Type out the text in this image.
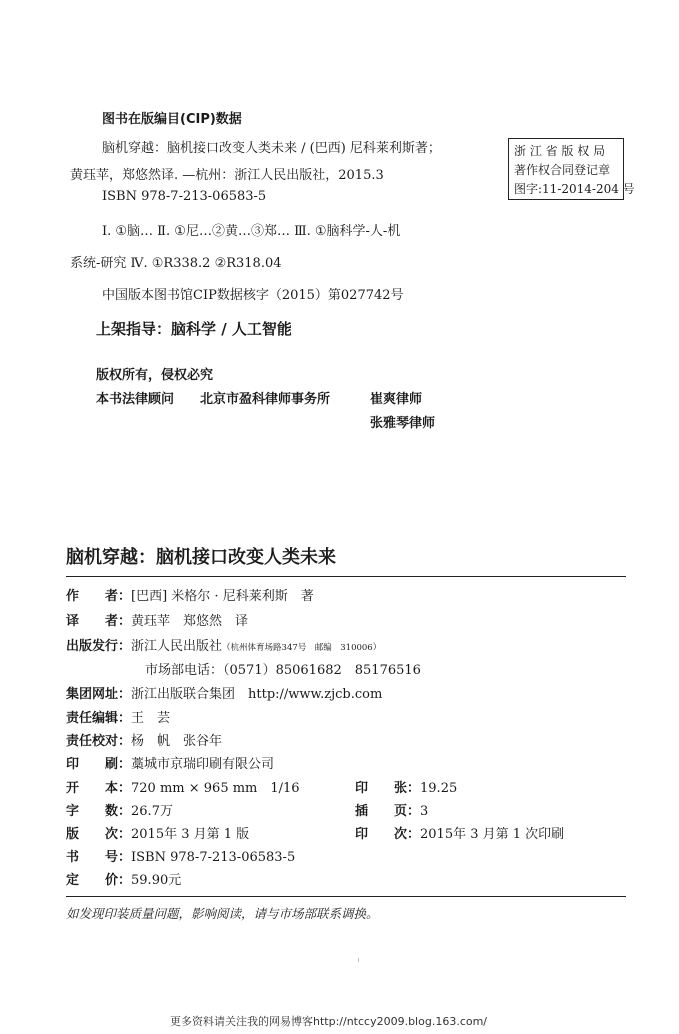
图书在版编目(CIP)数据
脑机穿越：脑机接口改变人类未来 / (巴西) 尼科莱利斯著；
黄珏苹，郑悠然译. —杭州：浙江人民出版社，2015.3
ISBN 978-7-213-06583-5
Ⅰ. ①脑… Ⅱ. ①尼…②黄…③郑… Ⅲ. ①脑科学-人-机
系统-研究 Ⅳ. ①R338.2 ②R318.04
中国版本图书馆CIP数据核字（2015）第027742号
浙 江 省 版 权 局
著作权合同登记章
图字:11-2014-204 号
上架指导：脑科学 / 人工智能
版权所有，侵权必究
本书法律顾问 北京市盈科律师事务所	崔爽律师
张雅琴律师
脑机穿越：脑机接口改变人类未来
作　　者：[巴西] 米格尔 · 尼科莱利斯　著
译　　者：黄珏苹　郑悠然　译
出版发行：浙江人民出版社（杭州体育场路347号　邮编　310006）
市场部电话：（0571）85061682　85176516
集团网址：浙江出版联合集团　http://www.zjcb.com
责任编辑：王　芸
责任校对：杨　帆　张谷年
印　　刷：藁城市京瑞印刷有限公司
开　　本：720 mm × 965 mm　1/16	印　　张：19.25
字　　数：26.7万	插　　页：3
版　　次：2015年 3 月第 1 版	印　　次：2015年 3 月第 1 次印刷
书　　号：ISBN 978-7-213-06583-5
定　　价：59.90元
如发现印装质量问题，影响阅读，请与市场部联系调换。
更多资料请关注我的网易博客http://ntccy2009.blog.163.com/
